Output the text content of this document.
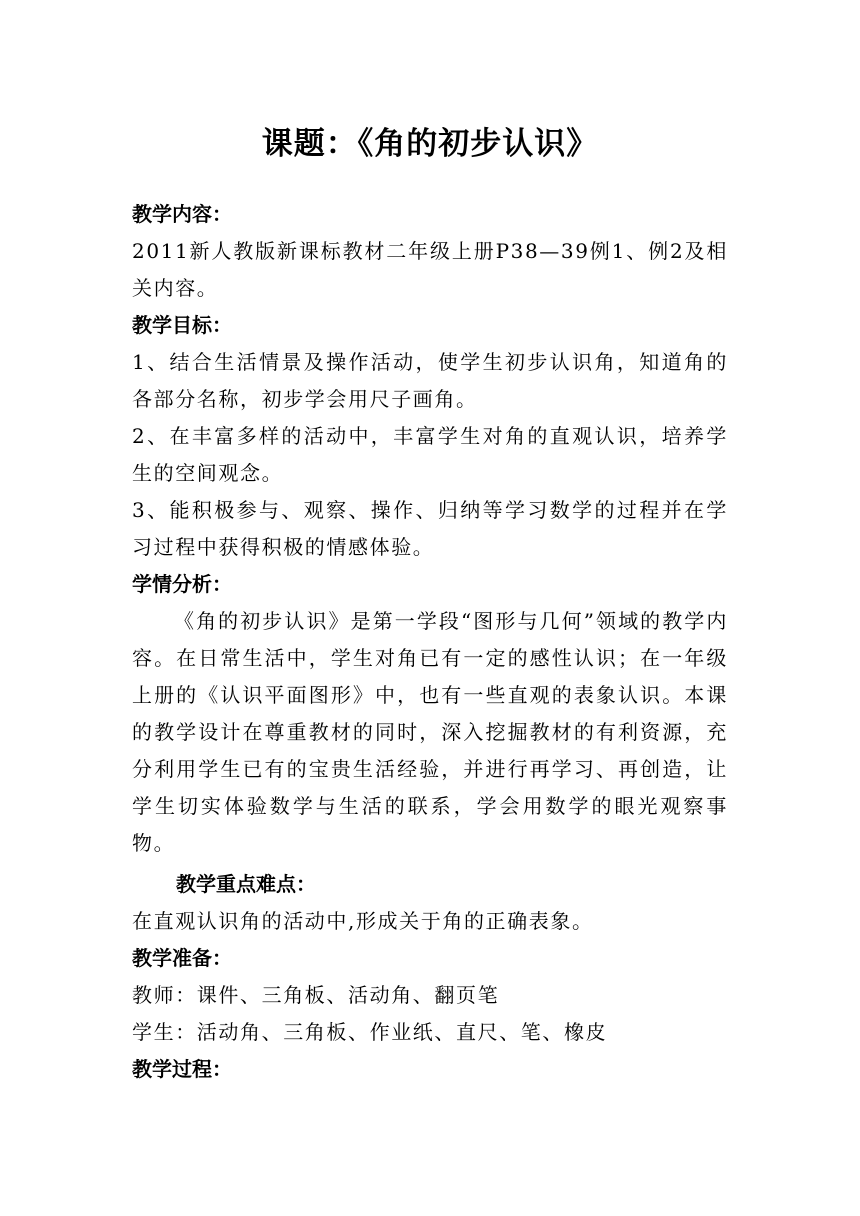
课题：《角的初步认识》
教学内容：

2011新人教版新课标教材二年级上册P38—39例1、例2及相关内容。

教学目标：

1、结合生活情景及操作活动，使学生初步认识角，知道角的各部分名称，初步学会用尺子画角。

2、在丰富多样的活动中，丰富学生对角的直观认识，培养学生的空间观念。

3、能积极参与、观察、操作、归纳等学习数学的过程并在学习过程中获得积极的情感体验。

学情分析：

《角的初步认识》是第一学段“图形与几何”领域的教学内容。在日常生活中，学生对角已有一定的感性认识；在一年级上册的《认识平面图形》中，也有一些直观的表象认识。本课的教学设计在尊重教材的同时，深入挖掘教材的有利资源，充分利用学生已有的宝贵生活经验，并进行再学习、再创造，让学生切实体验数学与生活的联系，学会用数学的眼光观察事物。

教学重点难点：

在直观认识角的活动中,形成关于角的正确表象。

教学准备：

教师：课件、三角板、活动角、翻页笔

学生：活动角、三角板、作业纸、直尺、笔、橡皮

教学过程：
